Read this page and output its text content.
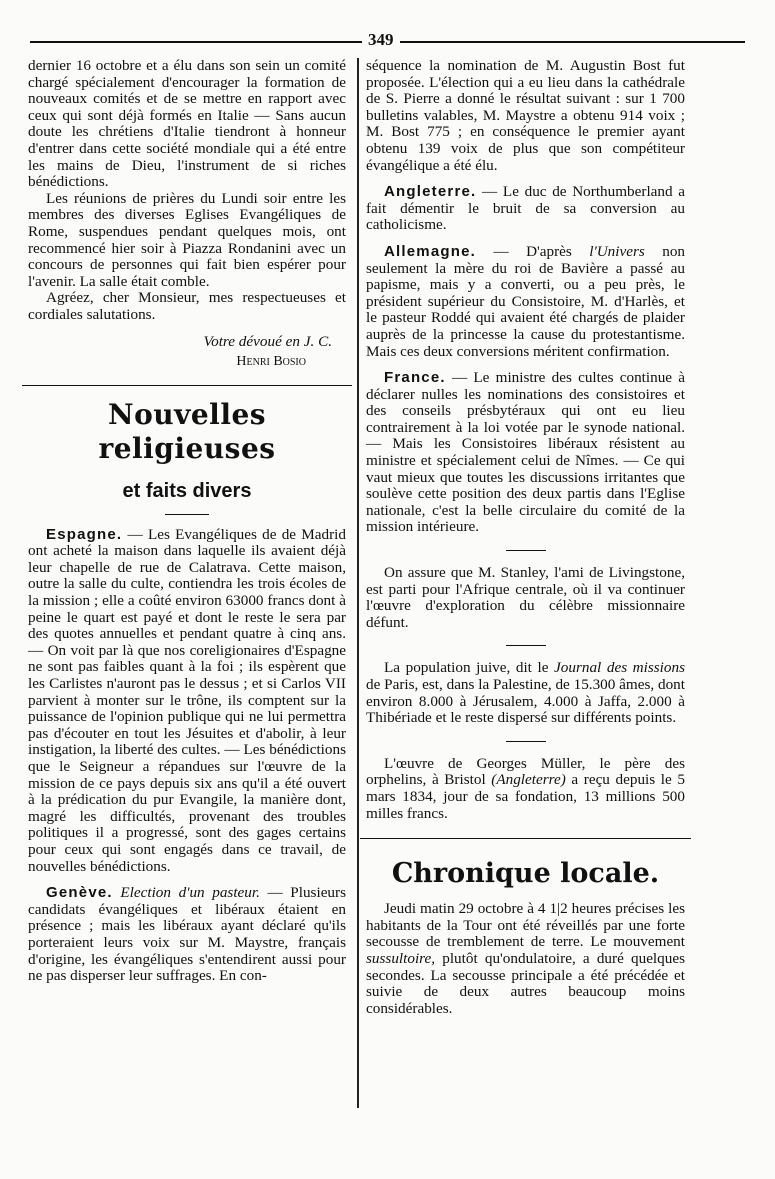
349

dernier 16 octobre et a élu dans son sein un comité chargé spécialement d'encourager la formation de nouveaux comités et de se mettre en rapport avec ceux qui sont déjà formés en Italie — Sans aucun doute les chrétiens d'Italie tiendront à honneur d'entrer dans cette société mondiale qui a été entre les mains de Dieu, l'instrument de si riches bénédictions.

Les réunions de prières du Lundi soir entre les membres des diverses Eglises Evangéliques de Rome, suspendues pendant quelques mois, ont recommencé hier soir à Piazza Rondanini avec un concours de personnes qui fait bien espérer pour l'avenir. La salle était comble.

Agréez, cher Monsieur, mes respectueuses et cordiales salutations.

Votre dévoué en J. C.

Henri Bosio

Nouvelles religieuses
et faits divers

Espagne. — Les Evangéliques de de Madrid ont acheté la maison dans laquelle ils avaient déjà leur chapelle de rue de Calatrava. Cette maison, outre la salle du culte, contiendra les trois écoles de la mission ; elle a coûté environ 63000 francs dont à peine le quart est payé et dont le reste le sera par des quotes annuelles et pendant quatre à cinq ans. — On voit par là que nos coreligionaires d'Espagne ne sont pas faibles quant à la foi ; ils espèrent que les Carlistes n'auront pas le dessus ; et si Carlos VII parvient à monter sur le trône, ils comptent sur la puissance de l'opinion publique qui ne lui permettra pas d'écouter en tout les Jésuites et d'abolir, à leur instigation, la liberté des cultes. — Les bénédictions que le Seigneur a répandues sur l'œuvre de la mission de ce pays depuis six ans qu'il a été ouvert à la prédication du pur Evangile, la manière dont, magré les difficultés, provenant des troubles politiques il a progressé, sont des gages certains pour ceux qui sont engagés dans ce travail, de nouvelles bénédictions.

Genève. Election d'un pasteur. — Plusieurs candidats évangéliques et libéraux étaient en présence ; mais les libéraux ayant déclaré qu'ils porteraient leurs voix sur M. Maystre, français d'origine, les évangéliques s'entendirent aussi pour ne pas disperser leur suffrages. En con-

séquence la nomination de M. Augustin Bost fut proposée. L'élection qui a eu lieu dans la cathédrale de S. Pierre a donné le résultat suivant : sur 1 700 bulletins valables, M. Maystre a obtenu 914 voix ; M. Bost 775 ; en conséquence le premier ayant obtenu 139 voix de plus que son compétiteur évangélique a été élu.

Angleterre. — Le duc de Northumberland a fait démentir le bruit de sa conversion au catholicisme.

Allemagne. — D'après l'Univers non seulement la mère du roi de Bavière a passé au papisme, mais y a converti, ou a peu près, le président supérieur du Consistoire, M. d'Harlès, et le pasteur Roddé qui avaient été chargés de plaider auprès de la princesse la cause du protestantisme. Mais ces deux conversions méritent confirmation.

France. — Le ministre des cultes continue à déclarer nulles les nominations des consistoires et des conseils présbytéraux qui ont eu lieu contrairement à la loi votée par le synode national. — Mais les Consistoires libéraux résistent au ministre et spécialement celui de Nîmes. — Ce qui vaut mieux que toutes les discussions irritantes que soulève cette position des deux partis dans l'Eglise nationale, c'est la belle circulaire du comité de la mission intérieure.

On assure que M. Stanley, l'ami de Livingstone, est parti pour l'Afrique centrale, où il va continuer l'œuvre d'exploration du célèbre missionnaire défunt.

La population juive, dit le Journal des missions de Paris, est, dans la Palestine, de 15.300 âmes, dont environ 8.000 à Jérusalem, 4.000 à Jaffa, 2.000 à Thibériade et le reste dispersé sur différents points.

L'œuvre de Georges Müller, le père des orphelins, à Bristol (Angleterre) a reçu depuis le 5 mars 1834, jour de sa fondation, 13 millions 500 milles francs.

Chronique locale.

Jeudi matin 29 octobre à 4 1|2 heures précises les habitants de la Tour ont été réveillés par une forte secousse de tremblement de terre. Le mouvement sussultoire, plutôt qu'ondulatoire, a duré quelques secondes. La secousse principale a été précédée et suivie de deux autres beaucoup moins considérables.
